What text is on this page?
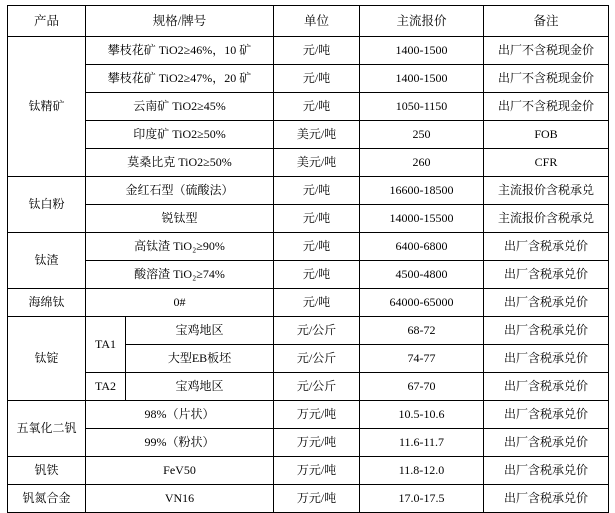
产品	规格/牌号		单位	主流报价	备注
钛精矿	攀枝花矿 TiO2≥46%，10 矿		元/吨	1400-1500	出厂不含税现金价
	攀枝花矿 TiO2≥47%，20 矿		元/吨	1400-1500	出厂不含税现金价
	云南矿 TiO2≥45%		元/吨	1050-1150	出厂不含税现金价
	印度矿 TiO2≥50%		美元/吨	250	FOB
	莫桑比克 TiO2≥50%		美元/吨	260	CFR
钛白粉	金红石型（硫酸法）		元/吨	16600-18500	主流报价含税承兑
	锐钛型		元/吨	14000-15500	主流报价含税承兑
钛渣	高钛渣 TiO₂≥90%		元/吨	6400-6800	出厂含税承兑价
	酸溶渣 TiO₂≥74%		元/吨	4500-4800	出厂含税承兑价
海绵钛	0#		元/吨	64000-65000	出厂含税承兑价
钛锭	TA1	宝鸡地区	元/公斤	68-72	出厂含税承兑价
		大型EB板坯	元/公斤	74-77	出厂含税承兑价
	TA2	宝鸡地区	元/公斤	67-70	出厂含税承兑价
五氧化二钒	98%（片状）		万元/吨	10.5-10.6	出厂含税承兑价
	99%（粉状）		万元/吨	11.6-11.7	出厂含税承兑价
钒铁	FeV50		万元/吨	11.8-12.0	出厂含税承兑价
钒氮合金	VN16		万元/吨	17.0-17.5	出厂含税承兑价
